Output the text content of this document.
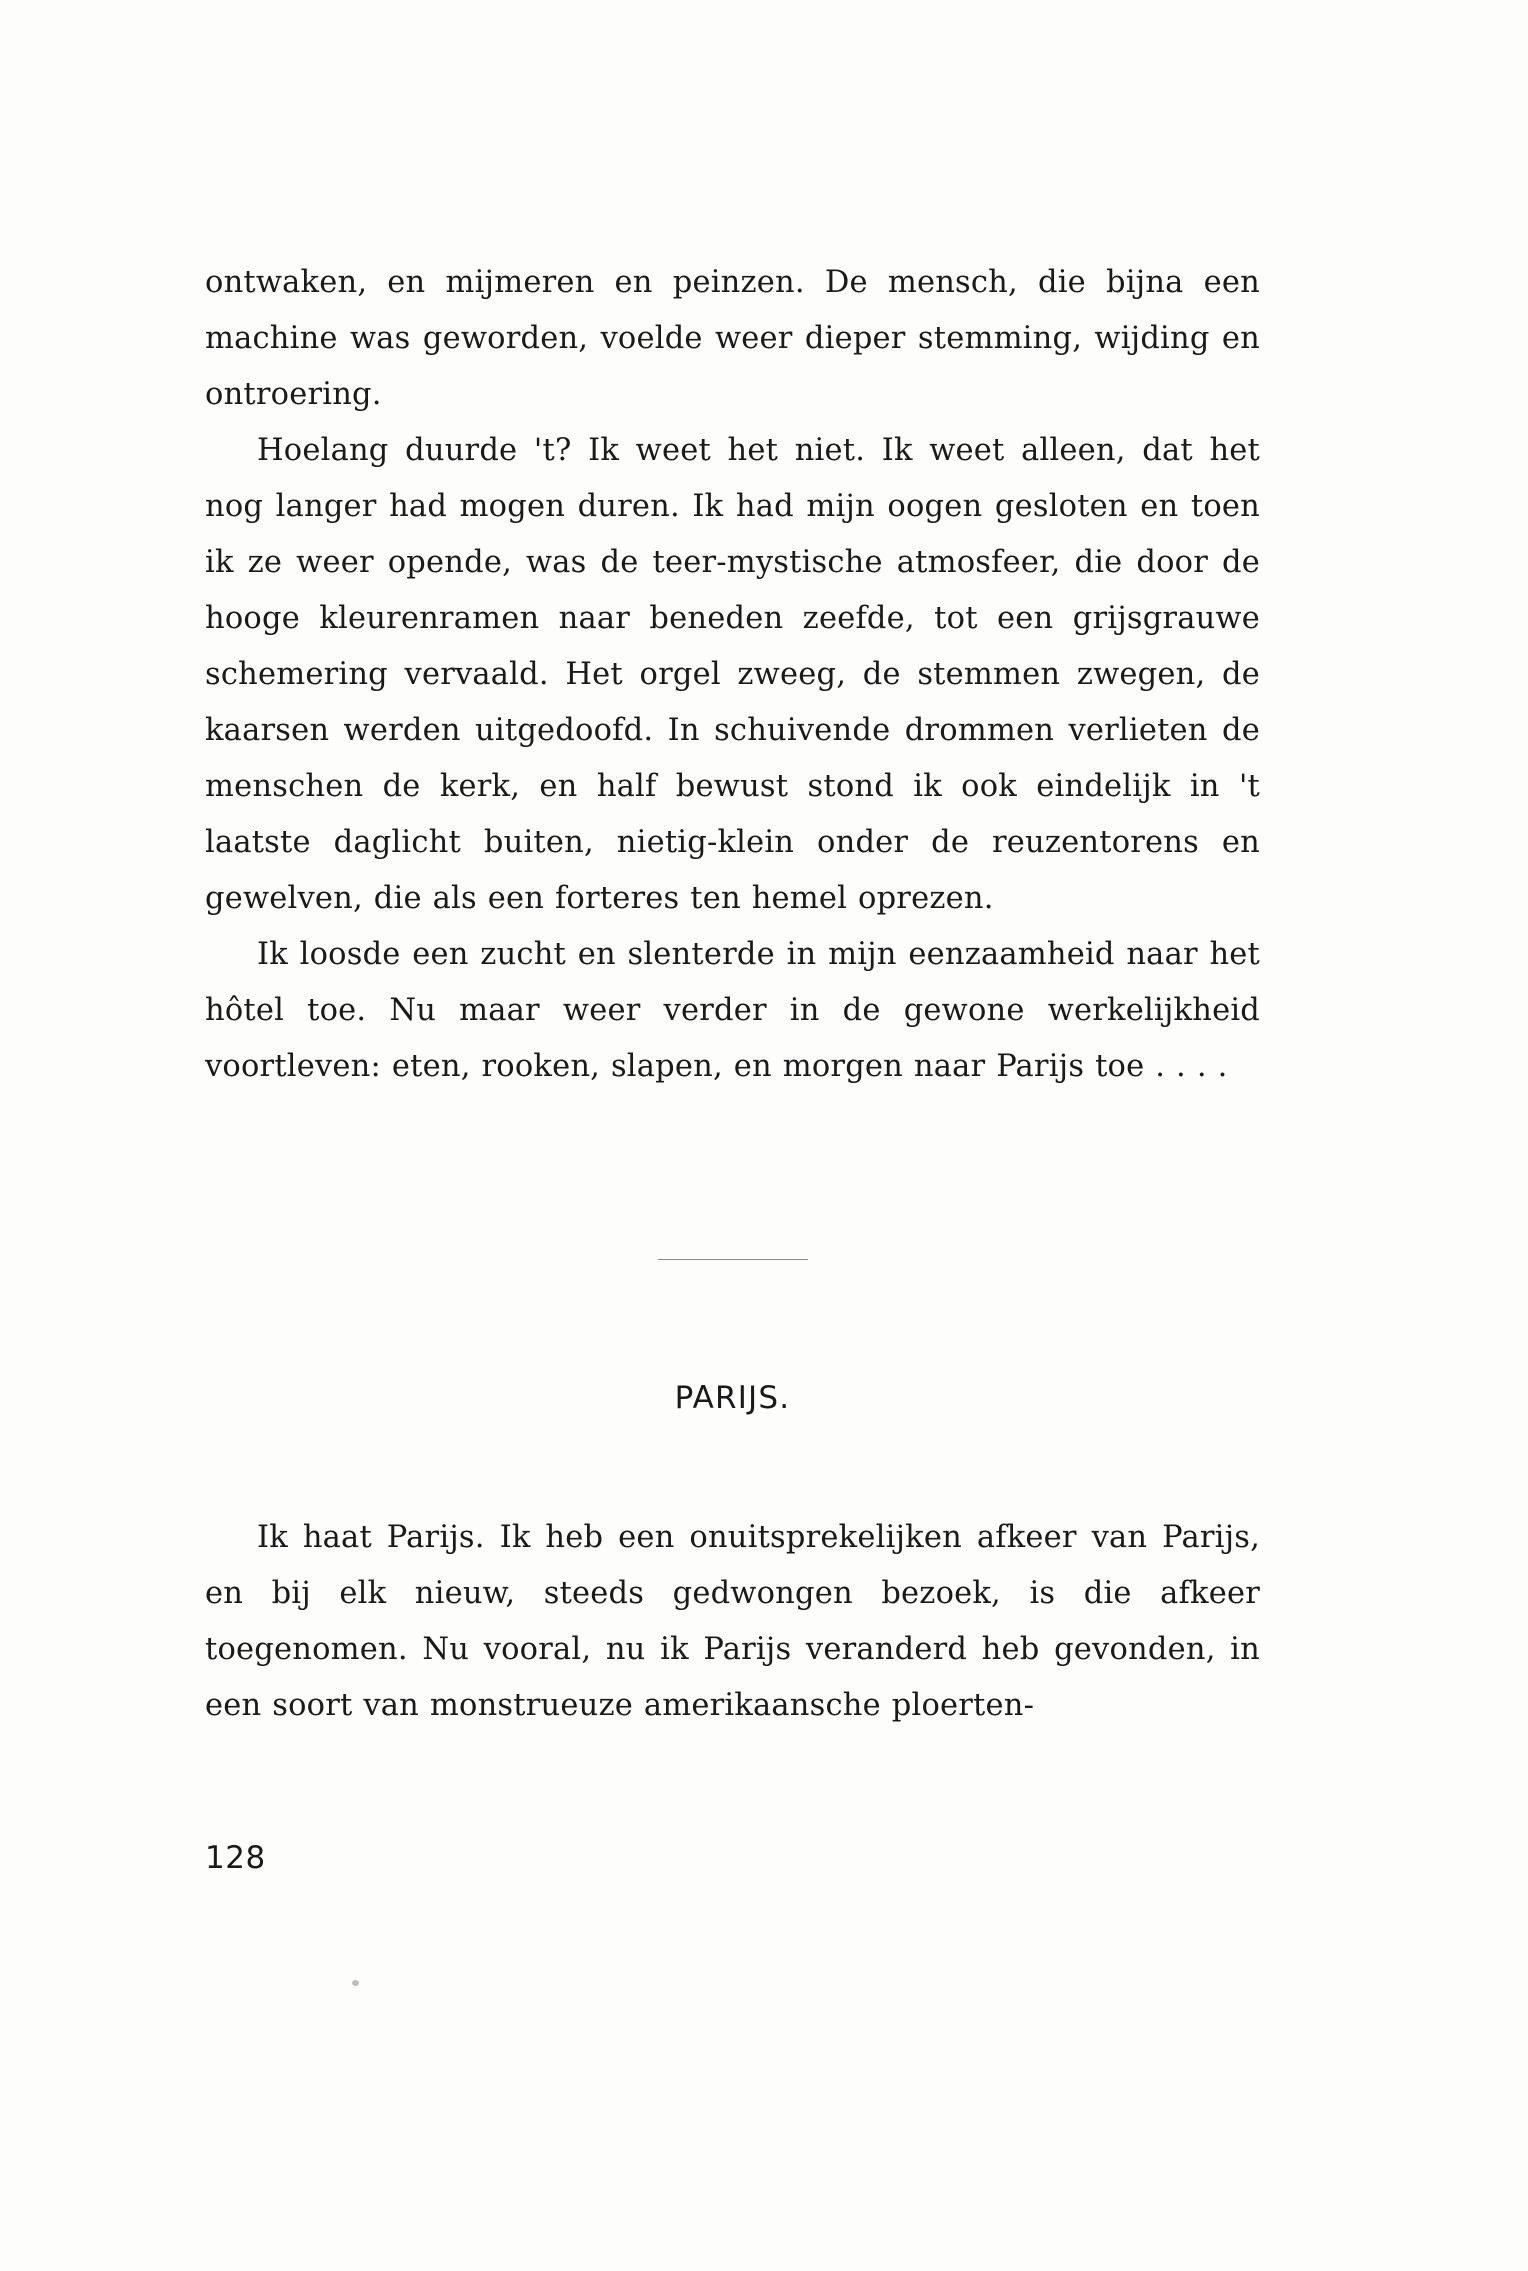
ontwaken, en mijmeren en peinzen. De mensch, die bijna een machine was geworden, voelde weer dieper stemming, wijding en ontroering.

Hoelang duurde 't? Ik weet het niet. Ik weet alleen, dat het nog langer had mogen duren. Ik had mijn oogen gesloten en toen ik ze weer opende, was de teer-mystische atmosfeer, die door de hooge kleurenramen naar beneden zeefde, tot een grijsgrauwe schemering vervaald. Het orgel zweeg, de stemmen zwegen, de kaarsen werden uitgedoofd. In schuivende drommen verlieten de menschen de kerk, en half bewust stond ik ook eindelijk in 't laatste daglicht buiten, nietig-klein onder de reuzentorens en gewelven, die als een forteres ten hemel oprezen.

Ik loosde een zucht en slenterde in mijn eenzaamheid naar het hôtel toe. Nu maar weer verder in de gewone werkelijkheid voortleven: eten, rooken, slapen, en morgen naar Parijs toe . . . .

PARIJS.

Ik haat Parijs. Ik heb een onuitsprekelijken afkeer van Parijs, en bij elk nieuw, steeds gedwongen bezoek, is die afkeer toegenomen. Nu vooral, nu ik Parijs veranderd heb gevonden, in een soort van monstrueuze amerikaansche ploerten-

128
